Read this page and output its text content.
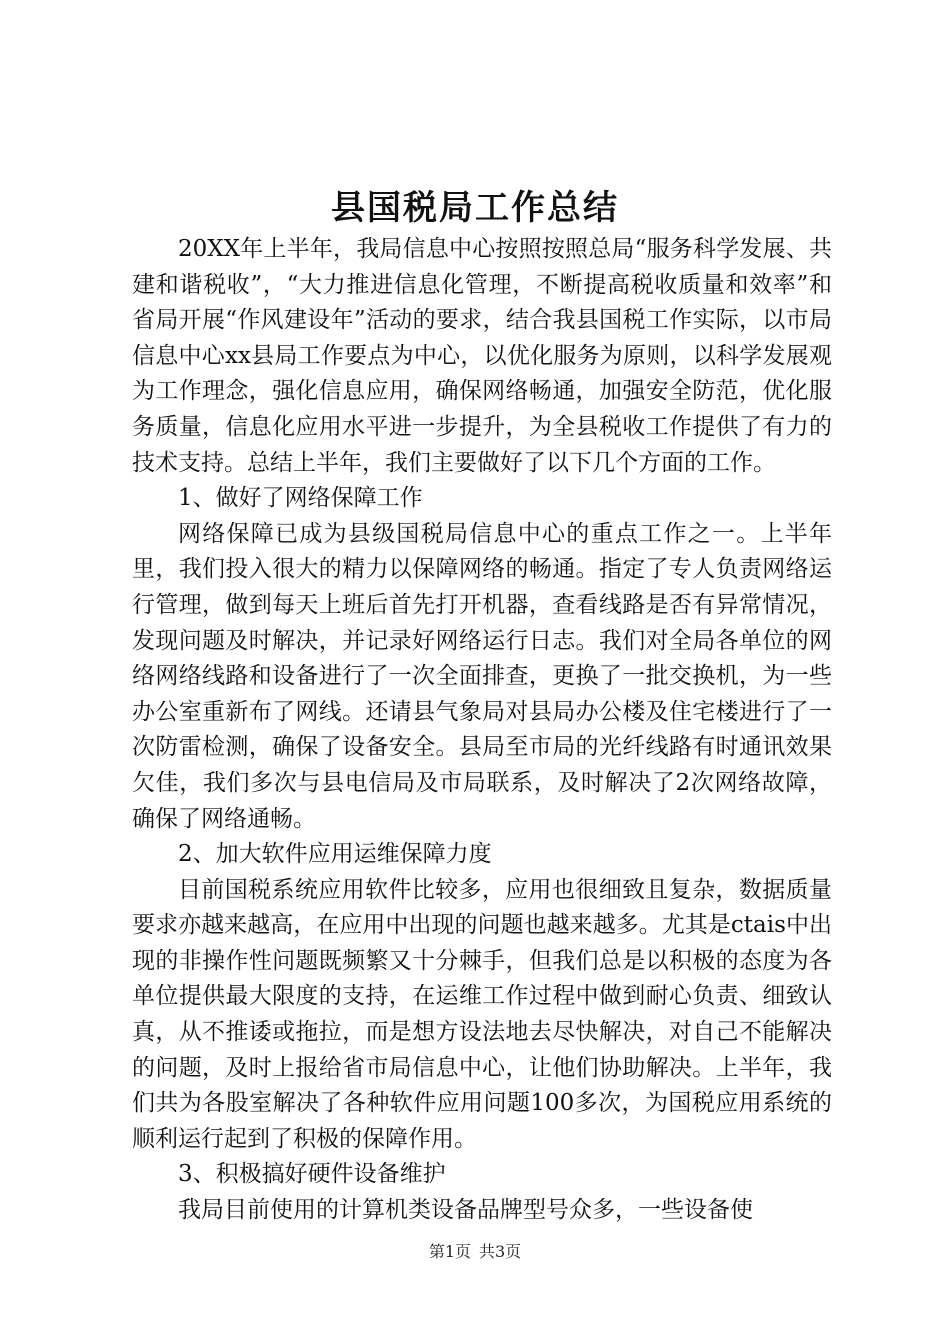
县国税局工作总结

20XX年上半年，我局信息中心按照按照总局“服务科学发展、共建和谐税收”，“大力推进信息化管理，不断提高税收质量和效率”和省局开展“作风建设年”活动的要求，结合我县国税工作实际，以市局信息中心xx县局工作要点为中心，以优化服务为原则，以科学发展观为工作理念，强化信息应用，确保网络畅通，加强安全防范，优化服务质量，信息化应用水平进一步提升，为全县税收工作提供了有力的技术支持。总结上半年，我们主要做好了以下几个方面的工作。

1、做好了网络保障工作

网络保障已成为县级国税局信息中心的重点工作之一。上半年里，我们投入很大的精力以保障网络的畅通。指定了专人负责网络运行管理，做到每天上班后首先打开机器，查看线路是否有异常情况，发现问题及时解决，并记录好网络运行日志。我们对全局各单位的网络网络线路和设备进行了一次全面排查，更换了一批交换机，为一些办公室重新布了网线。还请县气象局对县局办公楼及住宅楼进行了一次防雷检测，确保了设备安全。县局至市局的光纤线路有时通讯效果欠佳，我们多次与县电信局及市局联系，及时解决了2次网络故障，确保了网络通畅。

2、加大软件应用运维保障力度

目前国税系统应用软件比较多，应用也很细致且复杂，数据质量要求亦越来越高，在应用中出现的问题也越来越多。尤其是ctais中出现的非操作性问题既频繁又十分棘手，但我们总是以积极的态度为各单位提供最大限度的支持，在运维工作过程中做到耐心负责、细致认真，从不推诿或拖拉，而是想方设法地去尽快解决，对自己不能解决的问题，及时上报给省市局信息中心，让他们协助解决。上半年，我们共为各股室解决了各种软件应用问题100多次，为国税应用系统的顺利运行起到了积极的保障作用。

3、积极搞好硬件设备维护

我局目前使用的计算机类设备品牌型号众多，一些设备使

第1页 共3页
